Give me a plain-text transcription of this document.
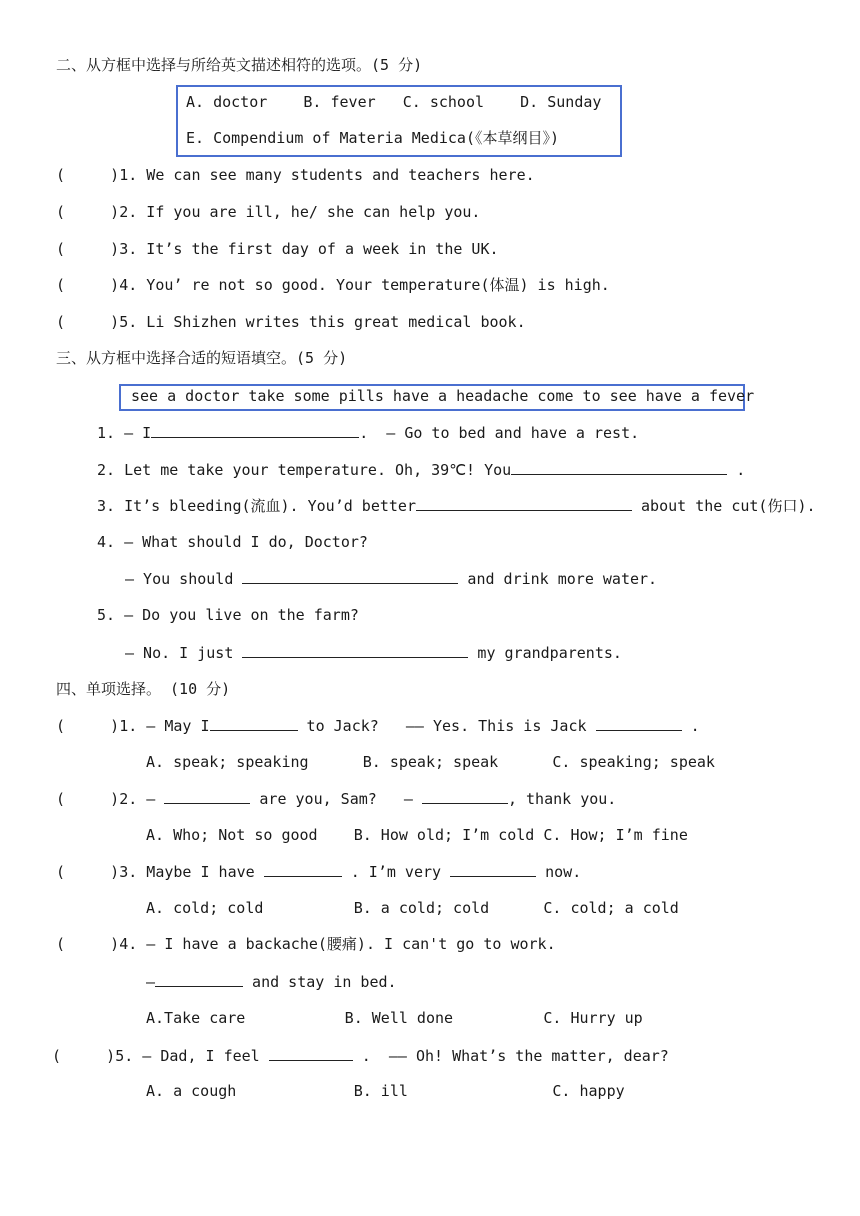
二、从方框中选择与所给英文描述相符的选项。(5 分)
A. doctor    B. fever   C. school    D. Sunday
E. Compendium of Materia Medica(《本草纲目》)
(     )1. We can see many students and teachers here.
(     )2. If you are ill, he/ she can help you.
(     )3. It’s the first day of a week in the UK.
(     )4. You’ re not so good. Your temperature(体温) is high.
(     )5. Li Shizhen writes this great medical book.
三、从方框中选择合适的短语填空。(5 分)
see a doctor take some pills have a headache come to see have a fever
1. — I	.  — Go to bed and have a rest.
2. Let me take your temperature. Oh, 39℃! You	.
3. It’s bleeding(流血). You’d better	about the cut(伤口).
4. — What should I do, Doctor?
— You should	and drink more water.
5. — Do you live on the farm?
— No. I just	my grandparents.
四、单项选择。 (10 分)
(     )1. — May I	to Jack?   —— Yes. This is Jack	.
A. speak; speaking      B. speak; speak      C. speaking; speak
(     )2. —	are you, Sam?   —	, thank you.
A. Who; Not so good    B. How old; I’m cold C. How; I’m fine
(     )3. Maybe I have	. I’m very	now.
A. cold; cold          B. a cold; cold      C. cold; a cold
(     )4. — I have a backache(腰痛). I can't go to work.
—	and stay in bed.
A.Take care           B. Well done          C. Hurry up
(     )5. — Dad, I feel	.  —— Oh! What’s the matter, dear?
A. a cough             B. ill                C. happy
